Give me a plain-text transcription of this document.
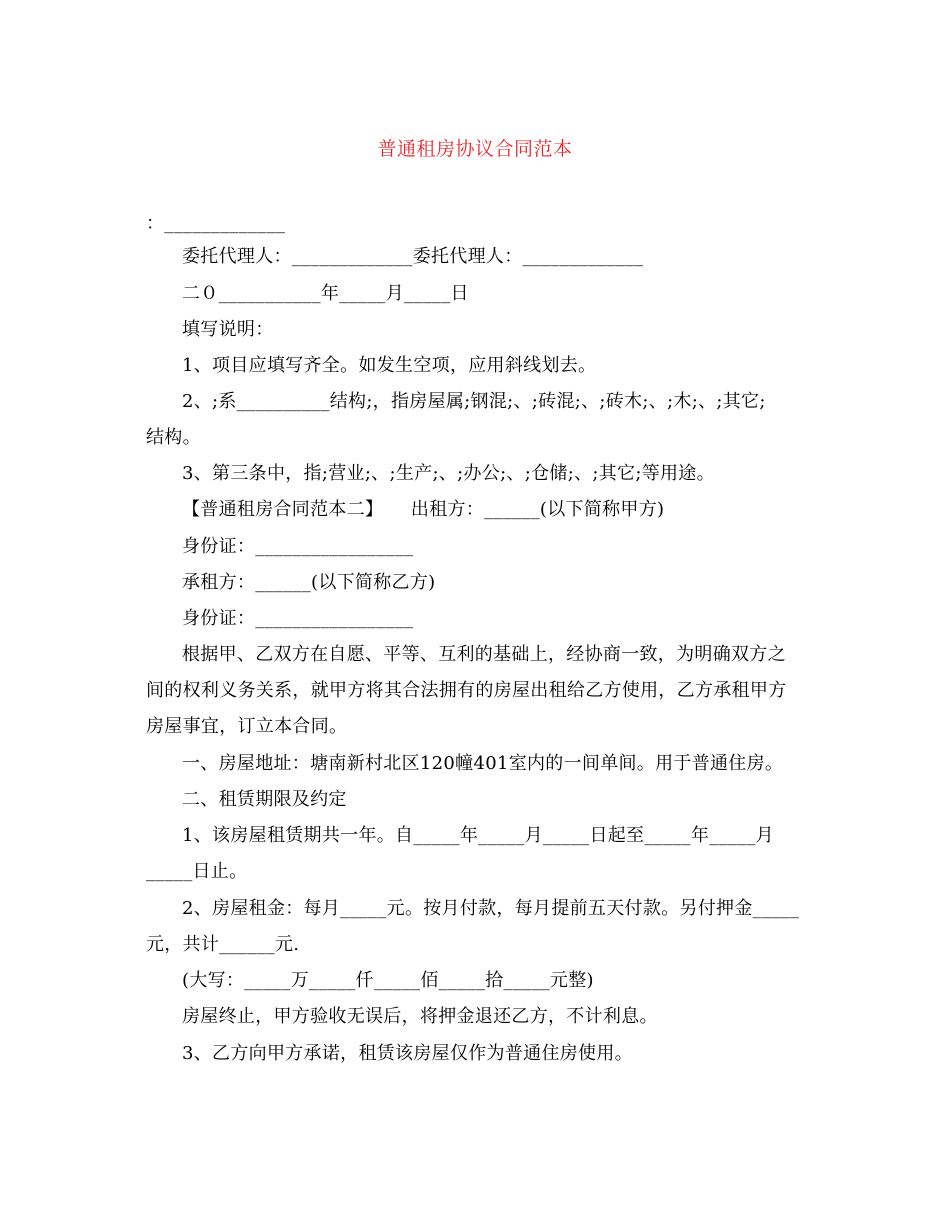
普通租房协议合同范本
：_____________
委托代理人：_____________委托代理人：_____________
二０___________年_____月_____日
填写说明：
1、项目应填写齐全。如发生空项，应用斜线划去。
2、;系__________结构;，指房屋属;钢混;、;砖混;、;砖木;、;木;、;其它;
结构。
3、第三条中，指;营业;、;生产;、;办公;、;仓储;、;其它;等用途。
【普通租房合同范本二】　　出租方：______(以下简称甲方)
身份证：_________________
承租方：______(以下简称乙方)
身份证：_________________
根据甲、乙双方在自愿、平等、互利的基础上，经协商一致，为明确双方之
间的权利义务关系，就甲方将其合法拥有的房屋出租给乙方使用，乙方承租甲方
房屋事宜，订立本合同。
一、房屋地址：塘南新村北区120幢401室内的一间单间。用于普通住房。
二、租赁期限及约定
1、该房屋租赁期共一年。自_____年_____月_____日起至_____年_____月
_____日止。
2、房屋租金：每月_____元。按月付款，每月提前五天付款。另付押金_____
元，共计______元.
(大写：_____万_____仟_____佰_____拾_____元整)
房屋终止，甲方验收无误后，将押金退还乙方，不计利息。
3、乙方向甲方承诺，租赁该房屋仅作为普通住房使用。
